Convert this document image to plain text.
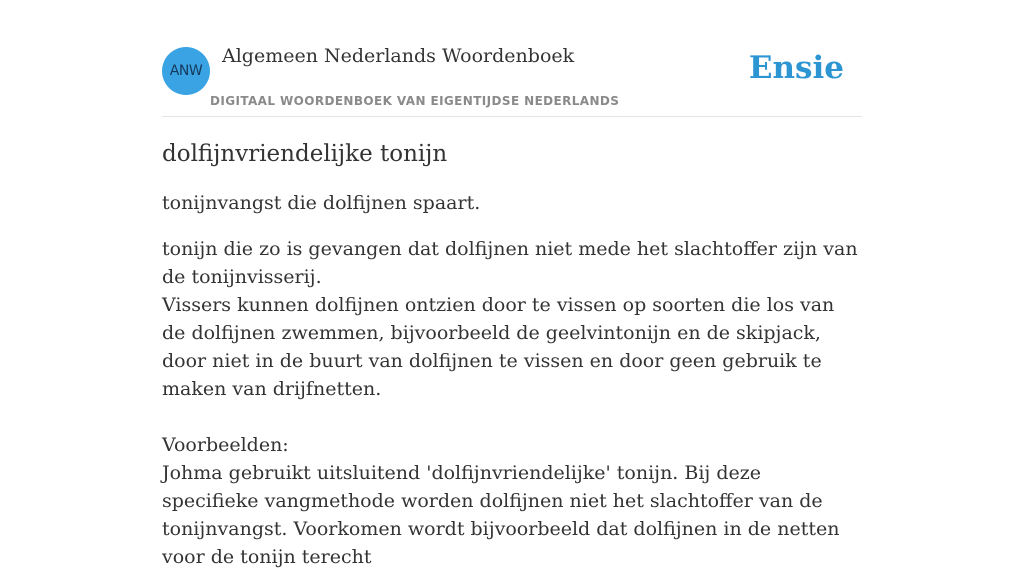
ANW
Algemeen Nederlands Woordenboek
DIGITAAL WOORDENBOEK VAN EIGENTIJDSE NEDERLANDS
Ensie
dolfijnvriendelijke tonijn
tonijnvangst die dolfijnen spaart.

tonijn die zo is gevangen dat dolfijnen niet mede het slachtoffer zijn van de tonijnvisserij.

Vissers kunnen dolfijnen ontzien door te vissen op soorten die los van de dolfijnen zwemmen, bijvoorbeeld de geelvintonijn en de skipjack, door niet in de buurt van dolfijnen te vissen en door geen gebruik te maken van drijfnetten.

Voorbeelden:

Johma gebruikt uitsluitend 'dolfijnvriendelijke' tonijn. Bij deze specifieke vangmethode worden dolfijnen niet het slachtoffer van de tonijnvangst. Voorkomen wordt bijvoorbeeld dat dolfijnen in de netten voor de tonijn terecht
